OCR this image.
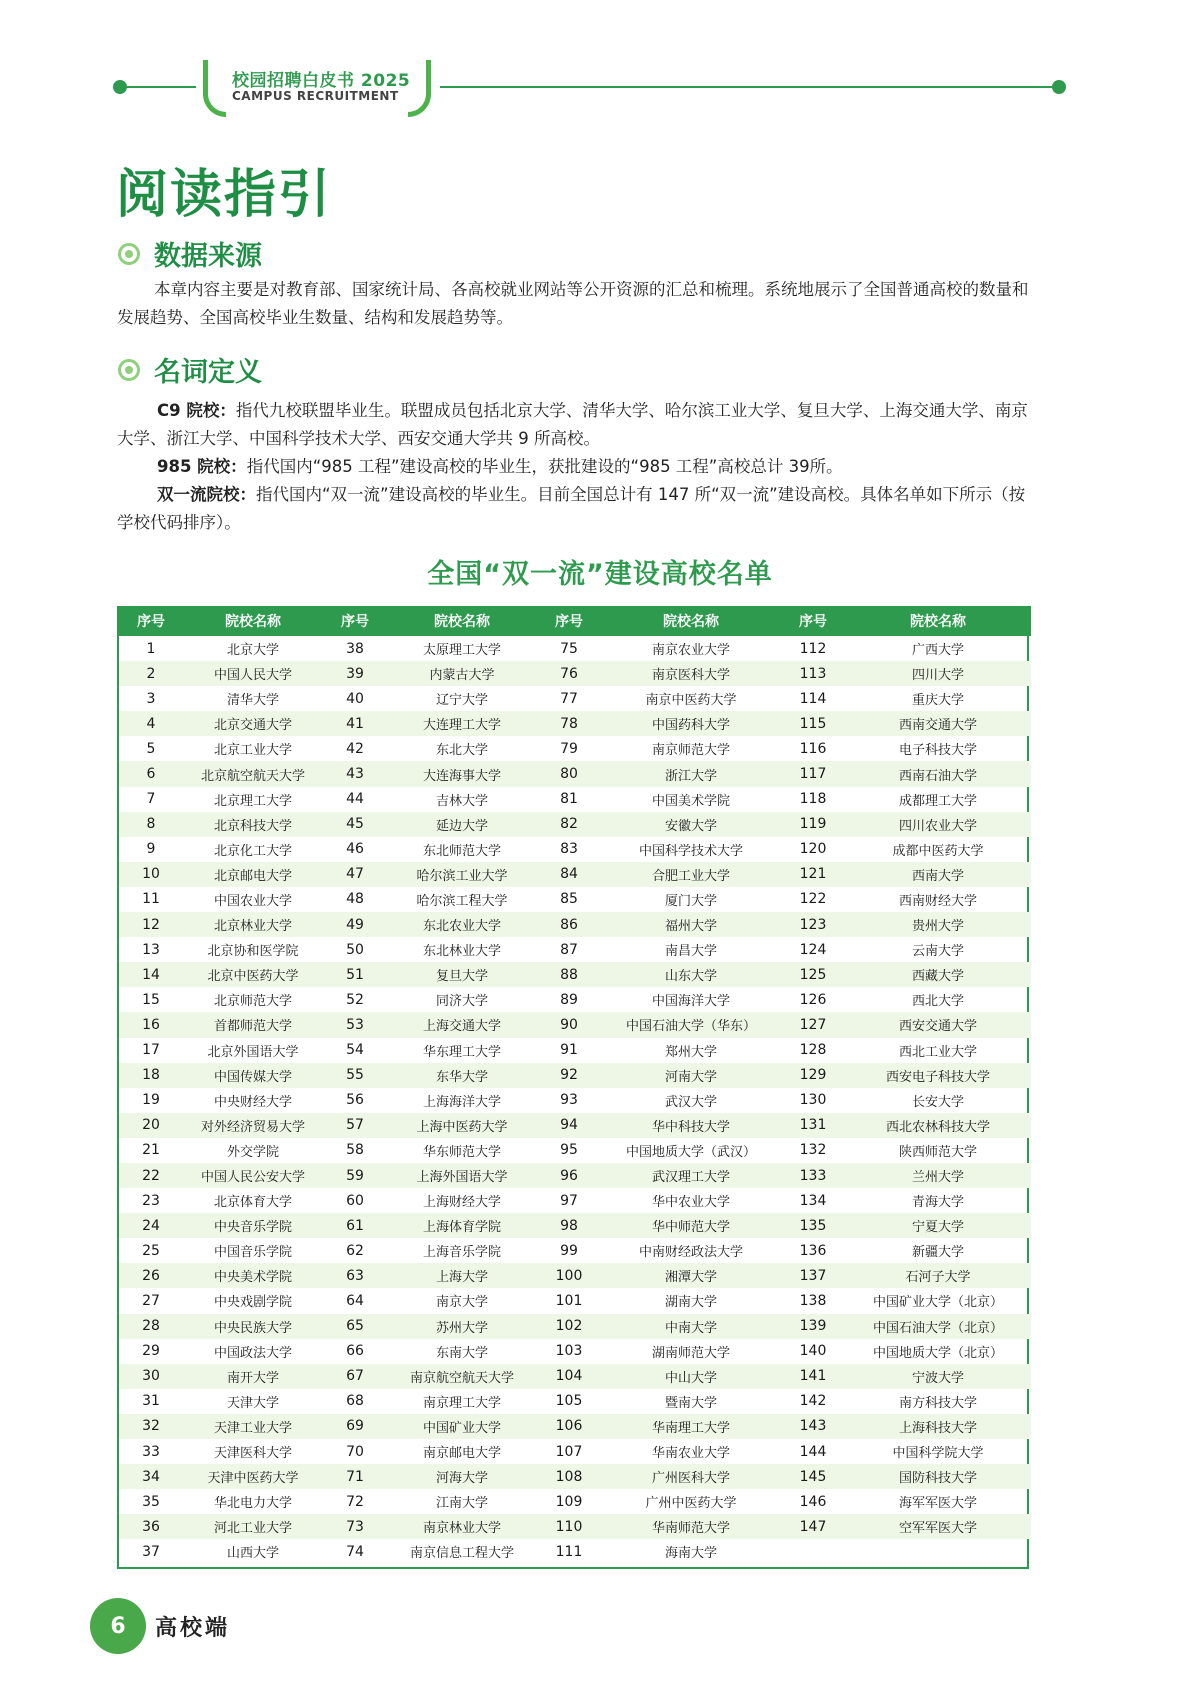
校园招聘白皮书 2025
CAMPUS RECRUITMENT
阅读指引
数据来源

本章内容主要是对教育部、国家统计局、各高校就业网站等公开资源的汇总和梳理。系统地展示了全国普通高校的数量和发展趋势、全国高校毕业生数量、结构和发展趋势等。

名词定义

C9 院校：指代九校联盟毕业生。联盟成员包括北京大学、清华大学、哈尔滨工业大学、复旦大学、上海交通大学、南京大学、浙江大学、中国科学技术大学、西安交通大学共 9 所高校。

985 院校：指代国内“985 工程”建设高校的毕业生，获批建设的“985 工程”高校总计 39所。

双一流院校：指代国内“双一流”建设高校的毕业生。目前全国总计有 147 所“双一流”建设高校。具体名单如下所示（按学校代码排序）。

全国“双一流”建设高校名单
序号	院校名称	序号	院校名称	序号	院校名称	序号	院校名称
1	北京大学	38	太原理工大学	75	南京农业大学	112	广西大学
2	中国人民大学	39	内蒙古大学	76	南京医科大学	113	四川大学
3	清华大学	40	辽宁大学	77	南京中医药大学	114	重庆大学
4	北京交通大学	41	大连理工大学	78	中国药科大学	115	西南交通大学
5	北京工业大学	42	东北大学	79	南京师范大学	116	电子科技大学
6	北京航空航天大学	43	大连海事大学	80	浙江大学	117	西南石油大学
7	北京理工大学	44	吉林大学	81	中国美术学院	118	成都理工大学
8	北京科技大学	45	延边大学	82	安徽大学	119	四川农业大学
9	北京化工大学	46	东北师范大学	83	中国科学技术大学	120	成都中医药大学
10	北京邮电大学	47	哈尔滨工业大学	84	合肥工业大学	121	西南大学
11	中国农业大学	48	哈尔滨工程大学	85	厦门大学	122	西南财经大学
12	北京林业大学	49	东北农业大学	86	福州大学	123	贵州大学
13	北京协和医学院	50	东北林业大学	87	南昌大学	124	云南大学
14	北京中医药大学	51	复旦大学	88	山东大学	125	西藏大学
15	北京师范大学	52	同济大学	89	中国海洋大学	126	西北大学
16	首都师范大学	53	上海交通大学	90	中国石油大学（华东）	127	西安交通大学
17	北京外国语大学	54	华东理工大学	91	郑州大学	128	西北工业大学
18	中国传媒大学	55	东华大学	92	河南大学	129	西安电子科技大学
19	中央财经大学	56	上海海洋大学	93	武汉大学	130	长安大学
20	对外经济贸易大学	57	上海中医药大学	94	华中科技大学	131	西北农林科技大学
21	外交学院	58	华东师范大学	95	中国地质大学（武汉）	132	陕西师范大学
22	中国人民公安大学	59	上海外国语大学	96	武汉理工大学	133	兰州大学
23	北京体育大学	60	上海财经大学	97	华中农业大学	134	青海大学
24	中央音乐学院	61	上海体育学院	98	华中师范大学	135	宁夏大学
25	中国音乐学院	62	上海音乐学院	99	中南财经政法大学	136	新疆大学
26	中央美术学院	63	上海大学	100	湘潭大学	137	石河子大学
27	中央戏剧学院	64	南京大学	101	湖南大学	138	中国矿业大学（北京）
28	中央民族大学	65	苏州大学	102	中南大学	139	中国石油大学（北京）
29	中国政法大学	66	东南大学	103	湖南师范大学	140	中国地质大学（北京）
30	南开大学	67	南京航空航天大学	104	中山大学	141	宁波大学
31	天津大学	68	南京理工大学	105	暨南大学	142	南方科技大学
32	天津工业大学	69	中国矿业大学	106	华南理工大学	143	上海科技大学
33	天津医科大学	70	南京邮电大学	107	华南农业大学	144	中国科学院大学
34	天津中医药大学	71	河海大学	108	广州医科大学	145	国防科技大学
35	华北电力大学	72	江南大学	109	广州中医药大学	146	海军军医大学
36	河北工业大学	73	南京林业大学	110	华南师范大学	147	空军军医大学
37	山西大学	74	南京信息工程大学	111	海南大学		
6	高校端
